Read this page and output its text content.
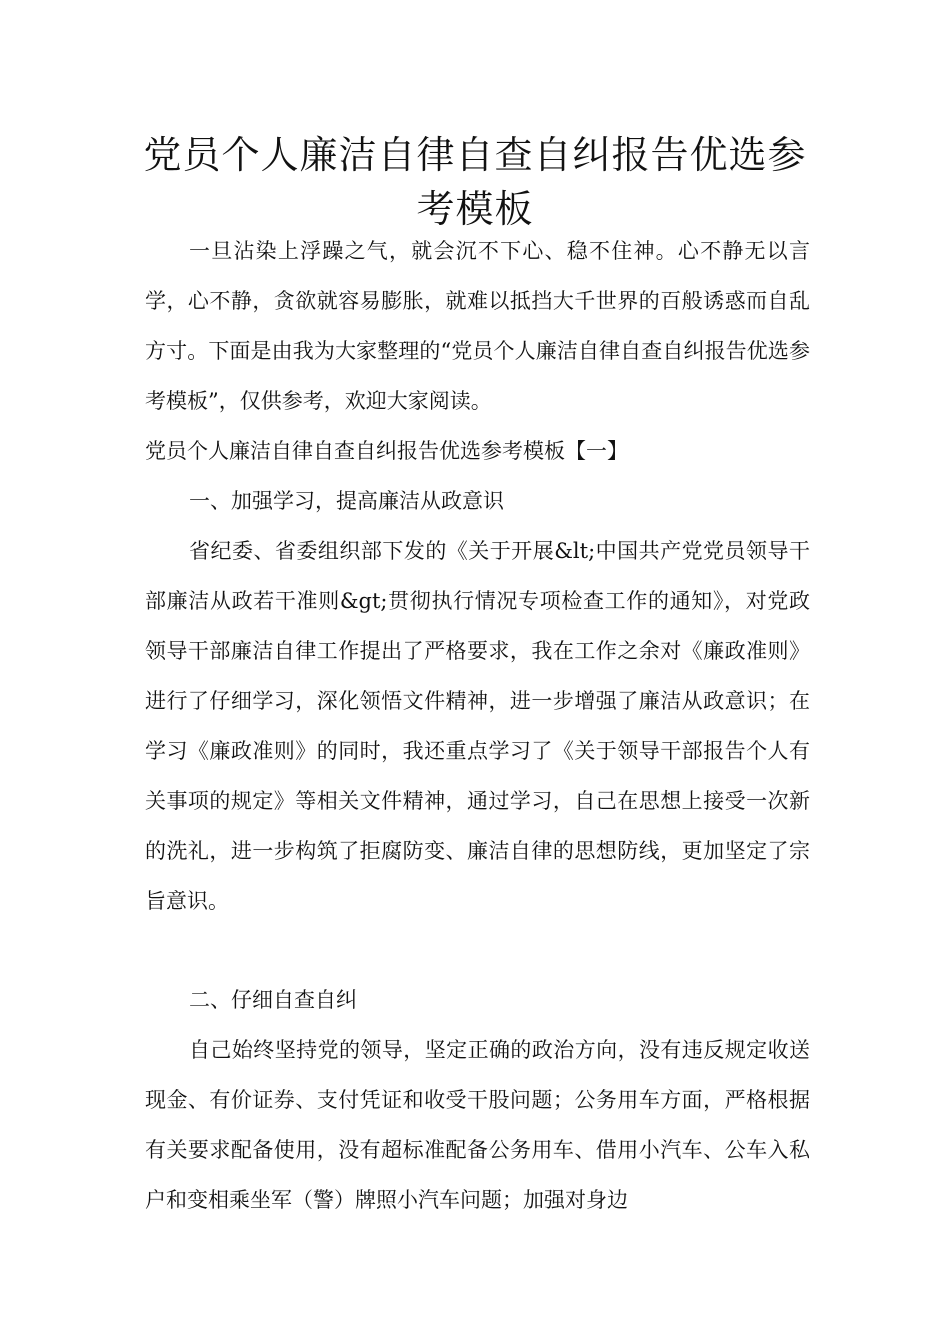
党员个人廉洁自律自查自纠报告优选参考模板

一旦沾染上浮躁之气，就会沉不下心、稳不住神。心不静无以言学，心不静，贪欲就容易膨胀，就难以抵挡大千世界的百般诱惑而自乱方寸。下面是由我为大家整理的“党员个人廉洁自律自查自纠报告优选参考模板”，仅供参考，欢迎大家阅读。

党员个人廉洁自律自查自纠报告优选参考模板【一】

一、加强学习，提高廉洁从政意识

省纪委、省委组织部下发的《关于开展&lt;中国共产党党员领导干部廉洁从政若干准则&gt;贯彻执行情况专项检查工作的通知》，对党政领导干部廉洁自律工作提出了严格要求，我在工作之余对《廉政准则》进行了仔细学习，深化领悟文件精神，进一步增强了廉洁从政意识；在学习《廉政准则》的同时，我还重点学习了《关于领导干部报告个人有关事项的规定》等相关文件精神，通过学习，自己在思想上接受一次新的洗礼，进一步构筑了拒腐防变、廉洁自律的思想防线，更加坚定了宗旨意识。

二、仔细自查自纠

自己始终坚持党的领导，坚定正确的政治方向，没有违反规定收送现金、有价证券、支付凭证和收受干股问题；公务用车方面，严格根据有关要求配备使用，没有超标准配备公务用车、借用小汽车、公车入私户和变相乘坐军（警）牌照小汽车问题；加强对身边
